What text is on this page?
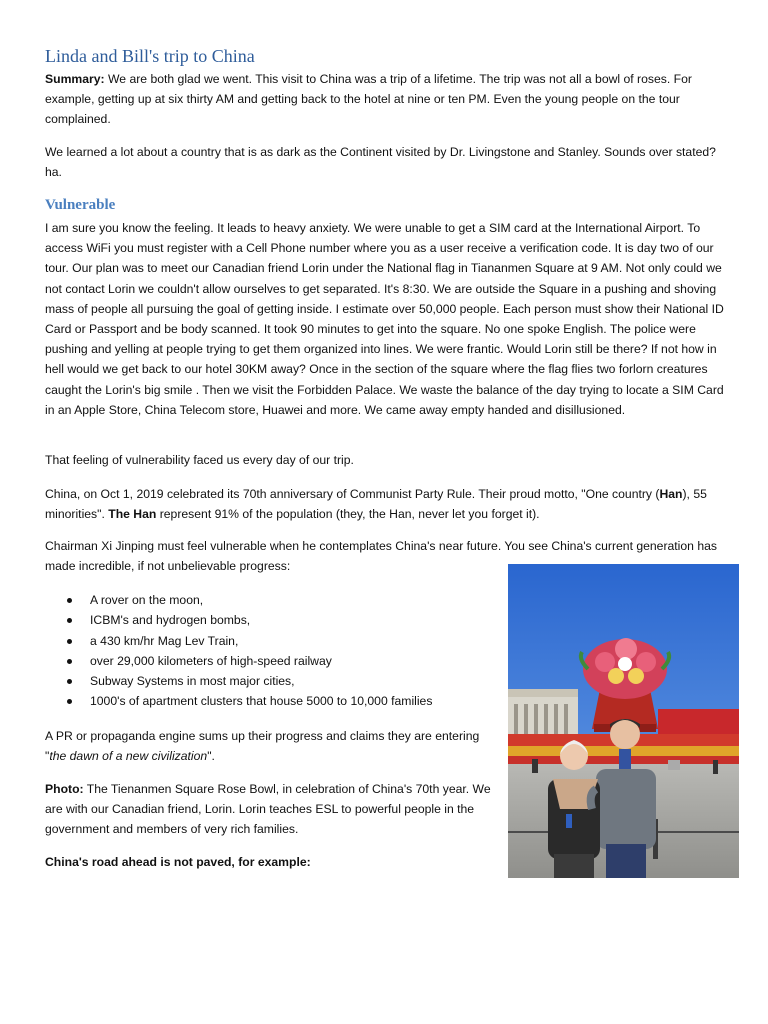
Linda and Bill's trip to China

Summary: We are both glad we went. This visit to China was a trip of a lifetime. The trip was not all a bowl of roses. For example, getting up at six thirty AM and getting back to the hotel at nine or ten PM. Even the young people on the tour complained.

We learned a lot about a country that is as dark as the Continent visited by Dr. Livingstone and Stanley. Sounds over stated? ha.

Vulnerable

I am sure you know the feeling. It leads to heavy anxiety. We were unable to get a SIM card at the International Airport. To access WiFi you must register with a Cell Phone number where you as a user receive a verification code. It is day two of our tour. Our plan was to meet our Canadian friend Lorin under the National flag in Tiananmen Square at 9 AM. Not only could we not contact Lorin we couldn't allow ourselves to get separated. It's 8:30. We are outside the Square in a pushing and shoving mass of people all pursuing the goal of getting inside. I estimate over 50,000 people. Each person must show their National ID Card or Passport and be body scanned. It took 90 minutes to get into the square. No one spoke English. The police were pushing and yelling at people trying to get them organized into lines. We were frantic. Would Lorin still be there? If not how in hell would we get back to our hotel 30KM away? Once in the section of the square where the flag flies two forlorn creatures caught the Lorin's big smile . Then we visit the Forbidden Palace. We waste the balance of the day trying to locate a SIM Card in an Apple Store, China Telecom store, Huawei and more. We came away empty handed and disillusioned.

That feeling of vulnerability faced us every day of our trip.

China, on Oct 1, 2019 celebrated its 70th anniversary of Communist Party Rule. Their proud motto, "One country (Han), 55 minorities". The Han represent 91% of the population (they, the Han, never let you forget it).

Chairman Xi Jinping must feel vulnerable when he contemplates China's near future. You see China's current generation has made incredible, if not unbelievable progress:

A rover on the moon,
ICBM's and hydrogen bombs,
a 430 km/hr Mag Lev Train,
over 29,000 kilometers of high-speed railway
Subway Systems in most major cities,
1000's of apartment clusters that house 5000 to 10,000 families

A PR or propaganda engine sums up their progress and claims they are entering "the dawn of a new civilization".

Photo: The Tienanmen Square Rose Bowl, in celebration of China's 70th year. We are with our Canadian friend, Lorin. Lorin teaches ESL to powerful people in the government and members of very rich families.

China's road ahead is not paved, for example:
